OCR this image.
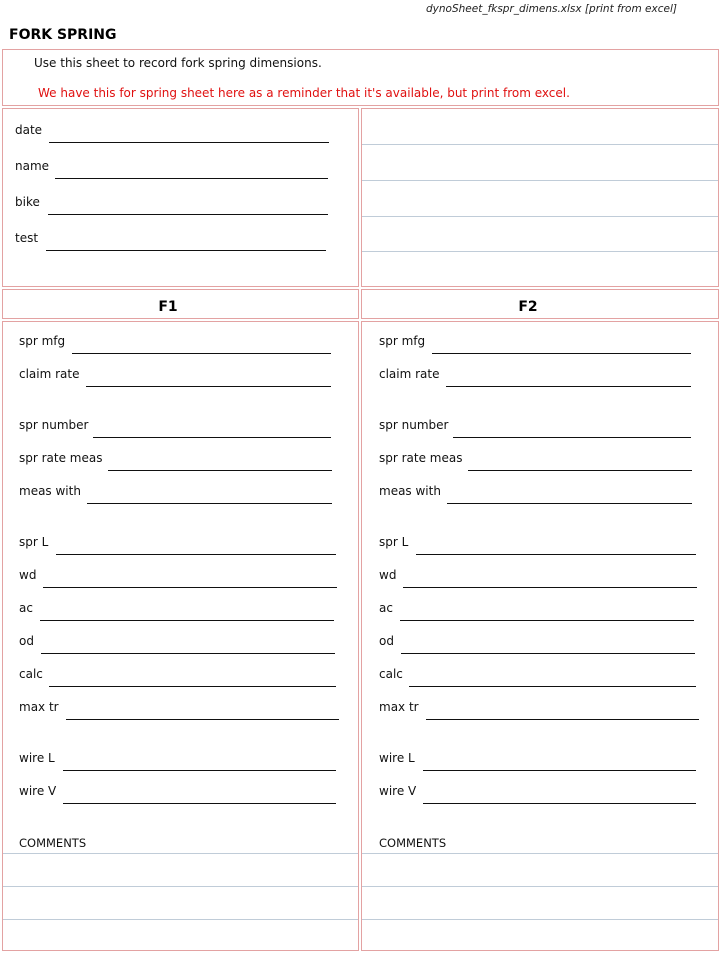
dynoSheet_fkspr_dimens.xlsx [print from excel]
FORK SPRING
Use this sheet to record fork spring dimensions.
We have this for spring sheet here as a reminder that it's available, but print from excel.
date
name
bike
test
F1	F2
spr mfg
claim rate
spr number
spr rate meas
meas with
spr L
wd
ac
od
calc
max tr
wire L
wire V
COMMENTS
spr mfg
claim rate
spr number
spr rate meas
meas with
spr L
wd
ac
od
calc
max tr
wire L
wire V
COMMENTS
